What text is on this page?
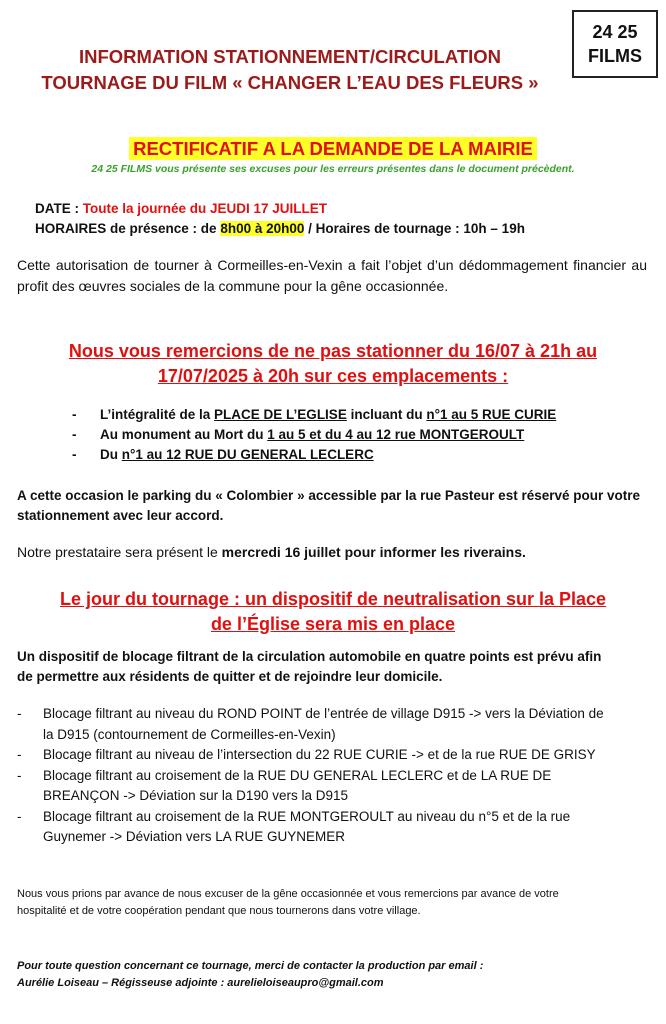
24 25
FILMS
INFORMATION STATIONNEMENT/CIRCULATION
TOURNAGE DU FILM « CHANGER L’EAU DES FLEURS »
RECTIFICATIF A LA DEMANDE DE LA MAIRIE
24 25 FILMS vous présente ses excuses pour les erreurs présentes dans le document précèdent.
DATE : Toute la journée du JEUDI 17 JUILLET
HORAIRES de présence : de 8h00 à 20h00 / Horaires de tournage : 10h – 19h
Cette autorisation de tourner à Cormeilles-en-Vexin a fait l’objet d’un dédommagement financier au profit des œuvres sociales de la commune pour la gêne occasionnée.
Nous vous remercions de ne pas stationner du 16/07 à 21h au
17/07/2025 à 20h sur ces emplacements :
-	L’intégralité de la PLACE DE L’EGLISE incluant du n°1 au 5 RUE CURIE
-	Au monument au Mort du 1 au 5 et du 4 au 12 rue MONTGEROULT
-	Du n°1 au 12 RUE DU GENERAL LECLERC
A cette occasion le parking du « Colombier » accessible par la rue Pasteur est réservé pour votre stationnement avec leur accord.
Notre prestataire sera présent le mercredi 16 juillet pour informer les riverains.
Le jour du tournage : un dispositif de neutralisation sur la Place
de l’Église sera mis en place
Un dispositif de blocage filtrant de la circulation automobile en quatre points est prévu afin de permettre aux résidents de quitter et de rejoindre leur domicile.
-	Blocage filtrant au niveau du ROND POINT de l’entrée de village D915 -> vers la Déviation de la D915 (contournement de Cormeilles-en-Vexin)
-	Blocage filtrant au niveau de l’intersection du 22 RUE CURIE -> et de la rue RUE DE GRISY
-	Blocage filtrant au croisement de la RUE DU GENERAL LECLERC et de LA RUE DE BREANÇON -> Déviation sur la D190 vers la D915
-	Blocage filtrant au croisement de la RUE MONTGEROULT au niveau du n°5 et de la rue Guynemer -> Déviation vers LA RUE GUYNEMER
Nous vous prions par avance de nous excuser de la gêne occasionnée et vous remercions par avance de votre hospitalité et de votre coopération pendant que nous tournerons dans votre village.
Pour toute question concernant ce tournage, merci de contacter la production par email :
Aurélie Loiseau – Régisseuse adjointe : aurelieloiseaupro@gmail.com
